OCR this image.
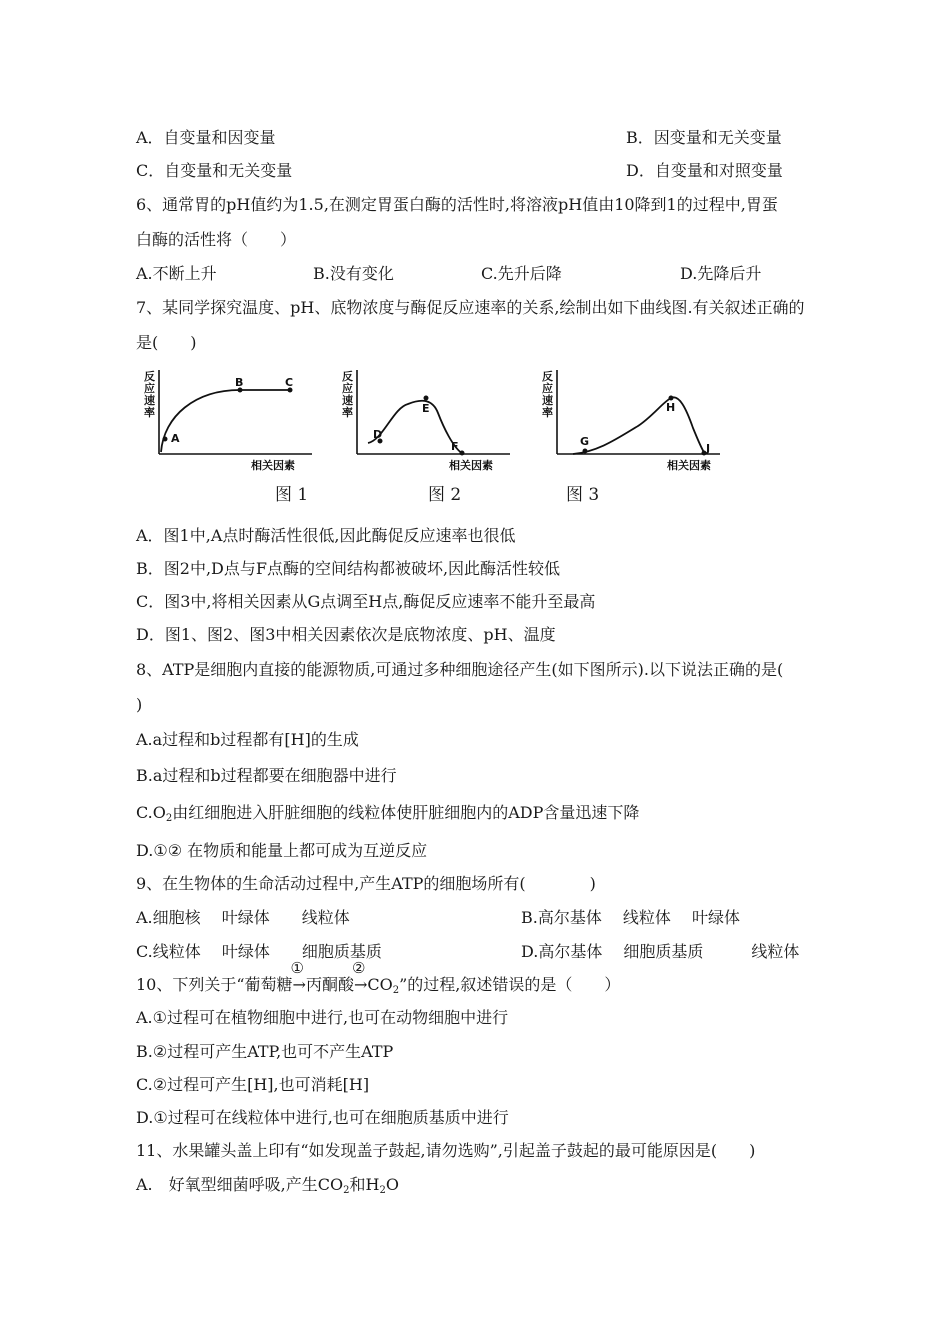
A．自变量和因变量	B．因变量和无关变量
C．自变量和无关变量	D．自变量和对照变量
6、通常胃的pH值约为1.5,在测定胃蛋白酶的活性时,将溶液pH值由10降到1的过程中,胃蛋
白酶的活性将（　　）
A.不断上升	B.没有变化	C.先升后降	D.先降后升
7、某同学探究温度、pH、底物浓度与酶促反应速率的关系,绘制出如下曲线图.有关叙述正确的
是(　　)
反
应
速
率
A
B	C
相关因素
图 1
反
应
速
率
D
E
F
相关因素
图 2
反
应
速
率
G
H
J
相关因素
图 3
A．图1中,A点时酶活性很低,因此酶促反应速率也很低
B．图2中,D点与F点酶的空间结构都被破坏,因此酶活性较低
C．图3中,将相关因素从G点调至H点,酶促反应速率不能升至最高
D．图1、图2、图3中相关因素依次是底物浓度、pH、温度
8、ATP是细胞内直接的能源物质,可通过多种细胞途径产生(如下图所示).以下说法正确的是(
)
A.a过程和b过程都有[H]的生成
B.a过程和b过程都要在细胞器中进行
$C.O_2$由红细胞进入肝脏细胞的线粒体使肝脏细胞内的ADP含量迅速下降
D.①② 在物质和能量上都可成为互逆反应
9、在生物体的生命活动过程中,产生ATP的细胞场所有(　　　　)
A.细胞核　 叶绿体　　线粒体	B.高尔基体　 线粒体　 叶绿体
C.线粒体　 叶绿体　　细胞质基质	D.高尔基体　 细胞质基质　　　线粒体
10、下列关于“葡萄糖
①
→丙酮酸
②
$\to CO_2$”的过程,叙述错误的是（　　）
A.①过程可在植物细胞中进行,也可在动物细胞中进行
B.②过程可产生ATP,也可不产生ATP
C.②过程可产生[H],也可消耗[H]
D.①过程可在线粒体中进行,也可在细胞质基质中进行
11、水果罐头盖上印有“如发现盖子鼓起,请勿选购”,引起盖子鼓起的最可能原因是(　　)
A.　好氧型细菌呼吸,产生$CO_2$和$H_2O$
